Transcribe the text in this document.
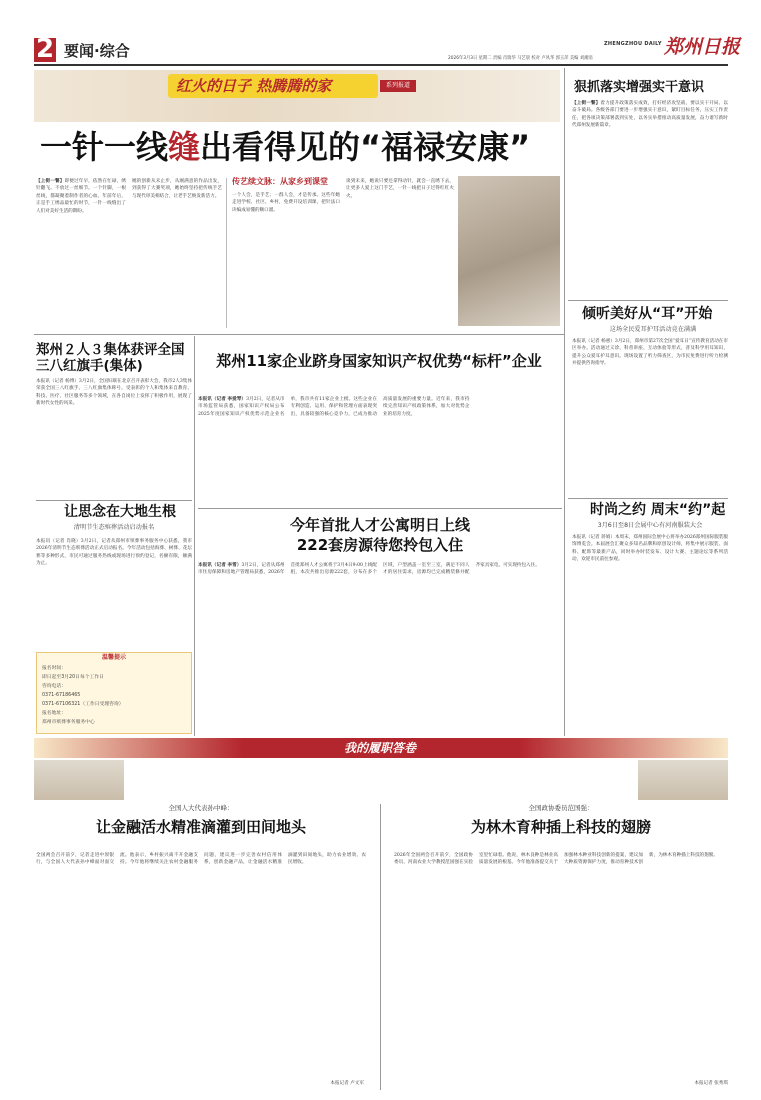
2 要闻·综合	ZHENGZHOU DAILY 郑州日报
2026年3月3日 星期二 责编 肖瑞华 马艺晨 校对 卢风华 郭玉萍 美编 刘湘涓
红火的日子 热腾腾的家	系列报道
一针一线缝出看得见的“福禄安康”
【上街一瞥】即便过年早，依然在忙碌，绣针翻飞。不放过一丝细节。一个针脚，一根丝线，都凝聚着制作者的心血。年前年后，正是手工绣品最忙的时节，一针一线缝出了人们对美好生活的期盼。
她的创新从未止步，从刚满意的作品出发，到获得了大赛奖项，她始终坚持把传统手艺与现代审美相结合，让老手艺焕发新活力。
传艺续文脉：从家乡到课堂
一个人会，是手艺；一群人会，才是传承。这些年她走进学校、社区、乡村，免费开设培训课，把针法口诀编成易懂的顺口溜。
谈到未来，她说只要还拿得动针，就会一直绣下去，让更多人爱上这门手艺，一针一线把日子过得红红火火。
狠抓落实增强实干意识
【上街一瞥】着力提升政策落实成效，打好经济攻坚战，要以实干开局、以奋斗破局。各级各部门要进一步增强实干意识，紧盯目标任务，压实工作责任，把各项决策部署落到实处，以务实举措推动高质量发展，奋力谱写新时代郑州发展新篇章。
倾听美好从“耳”开始
这场全民爱耳护耳活动竞在满满
本报讯（记者 杨惠）3月2日，郑州市第27次全国“爱耳日”宣传教育活动在市区举办。活动通过义诊、科普讲座、互动体验等形式，普及科学用耳知识，提升公众爱耳护耳意识。现场设置了听力筛查区，为市民免费进行听力检测并提供咨询指导。
时尚之约 周末“约”起
3月6日至8日会展中心有河南服装大会
本报讯（记者 蒋娟）本周末，郑州国际会展中心将举办2026郑州国际服装服饰博览会。本届展会汇聚众多知名品牌和原创设计师，将集中展示服装、面料、配饰等最新产品，同时举办时装发布、设计大赛、主题论坛等系列活动，欢迎市民前往参观。
郑州２人３集体获评全国三八红旗手(集体)
本报讯（记者 杨博）3月2日，全国妇联在北京召开表彰大会，我市2人3集体荣获全国三八红旗手、三八红旗集体称号。受表彰的个人和集体来自教育、科技、医疗、社区服务等多个领域，在各自岗位上发挥了积极作用，展现了新时代女性的风采。
让思念在大地生根
清明节生态殡葬活动启动报名
本报讯（记者 肖晓）3月2日，记者从郑州市殡葬事务服务中心获悉，我市2026年清明节生态殡葬活动正式启动报名。今年活动包括海葬、树葬、花坛葬等多种形式，市民可通过服务热线或现场进行预约登记，名额有限，额满为止。
温馨提示
报名时间：
即日起至3月20日每个工作日
咨询电话：
0371-67186465
0371-67106321（工作日受理咨询）
报名地址：
郑州市殡葬事务服务中心
郑州11家企业跻身国家知识产权优势“标杆”企业
本报讯（记者 李爱琴）3月2日，记者从市市场监管局获悉，国家知识产权局公布2025年度国家知识产权优势示范企业名单，我市共有11家企业上榜。这些企业在专利创造、运用、保护和管理方面表现突出，具备较强的核心竞争力，已成为推动高质量发展的重要力量。近年来，我市持续完善知识产权政策体系，加大对优势企业的培育力度。
今年首批人才公寓明日上线
222套房源待您拎包入住
本报讯（记者 李雪）3月2日，记者从郑州市住房保障和房地产管理局获悉，2026年首批郑州人才公寓将于3月4日9:00上线配租，本次共推出房源222套，分布在多个区域，户型涵盖一室至三室，满足不同人才的居住需求，房源均已完成精装修并配齐家具家电，可实现拎包入住。
我的履职答卷
全国人大代表孙中峰：
让金融活水精准滴灌到田间地头
全国两会召开前夕，记者走进中原银行，与全国人大代表孙中峰面对面交流。他表示，乡村振兴离不开金融支持。今年他将继续关注农村金融服务问题，建议进一步完善农村信用体系，创新金融产品，让金融活水精准滴灌到田间地头，助力农业增效、农民增收。
本报记者 卢文军
全国政协委员范国强：
为林木育种插上科技的翅膀
2026年全国两会召开前夕，全国政协委员、河南农业大学教授范国强在实验室里忙碌着。他说，林木良种是林业高质量发展的根基。今年他准备提交关于加强林木种业科技创新的提案，建议加大种质资源保护力度，推动育种技术创新，为林木育种插上科技的翅膀。
本报记者 张秀琪
